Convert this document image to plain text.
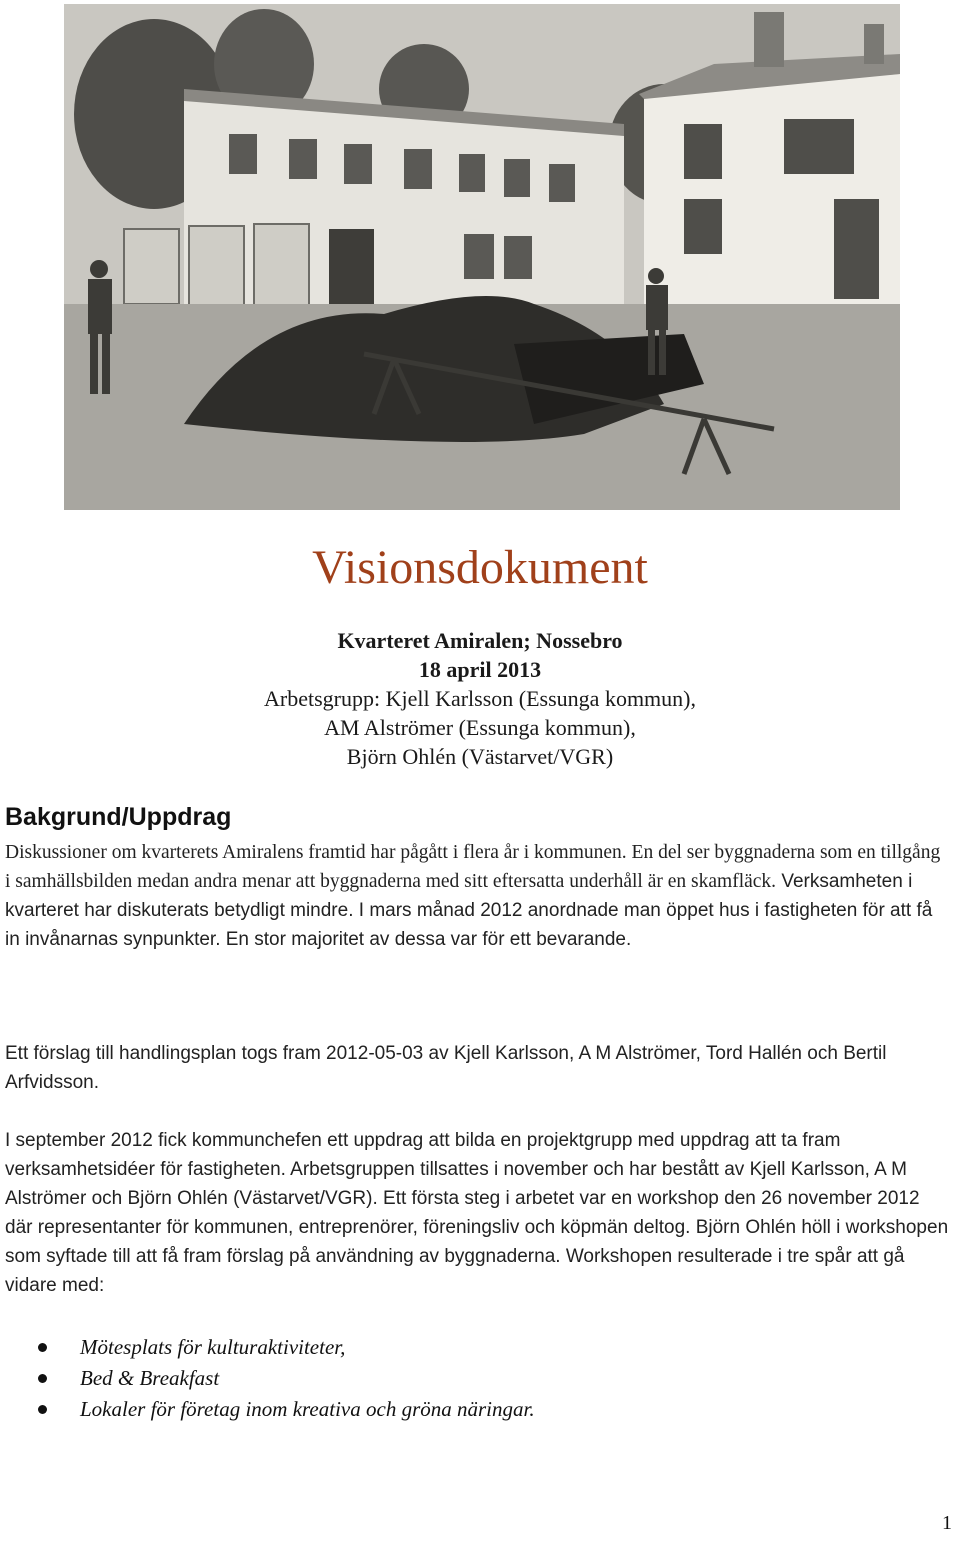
Visionsdokument
Kvarteret Amiralen; Nossebro
18 april 2013
Arbetsgrupp: Kjell Karlsson (Essunga kommun),
AM Alströmer (Essunga kommun),
Björn Ohlén (Västarvet/VGR)
Bakgrund/Uppdrag

Diskussioner om kvarterets Amiralens framtid har pågått i flera år i kommunen. En del ser byggnaderna som en tillgång i samhällsbilden medan andra menar att byggnaderna med sitt eftersatta underhåll är en skamfläck. Verksamheten i kvarteret har diskuterats betydligt mindre. I mars månad 2012 anordnade man öppet hus i fastigheten för att få in invånarnas synpunkter. En stor majoritet av dessa var för ett bevarande.

Ett förslag till handlingsplan togs fram 2012-05-03 av Kjell Karlsson, A M Alströmer, Tord Hallén och Bertil Arfvidsson.

I september 2012 fick kommunchefen ett uppdrag att bilda en projektgrupp med uppdrag att ta fram verksamhetsidéer för fastigheten. Arbetsgruppen tillsattes i november och har bestått av Kjell Karlsson, A M Alströmer och Björn Ohlén (Västarvet/VGR). Ett första steg i arbetet var en workshop den 26 november 2012 där representanter för kommunen, entreprenörer, föreningsliv och köpmän deltog. Björn Ohlén höll i workshopen som syftade till att få fram förslag på användning av byggnaderna. Workshopen resulterade i tre spår att gå vidare med:

Mötesplats för kulturaktiviteter,
Bed & Breakfast
Lokaler för företag inom kreativa och gröna näringar.
1
